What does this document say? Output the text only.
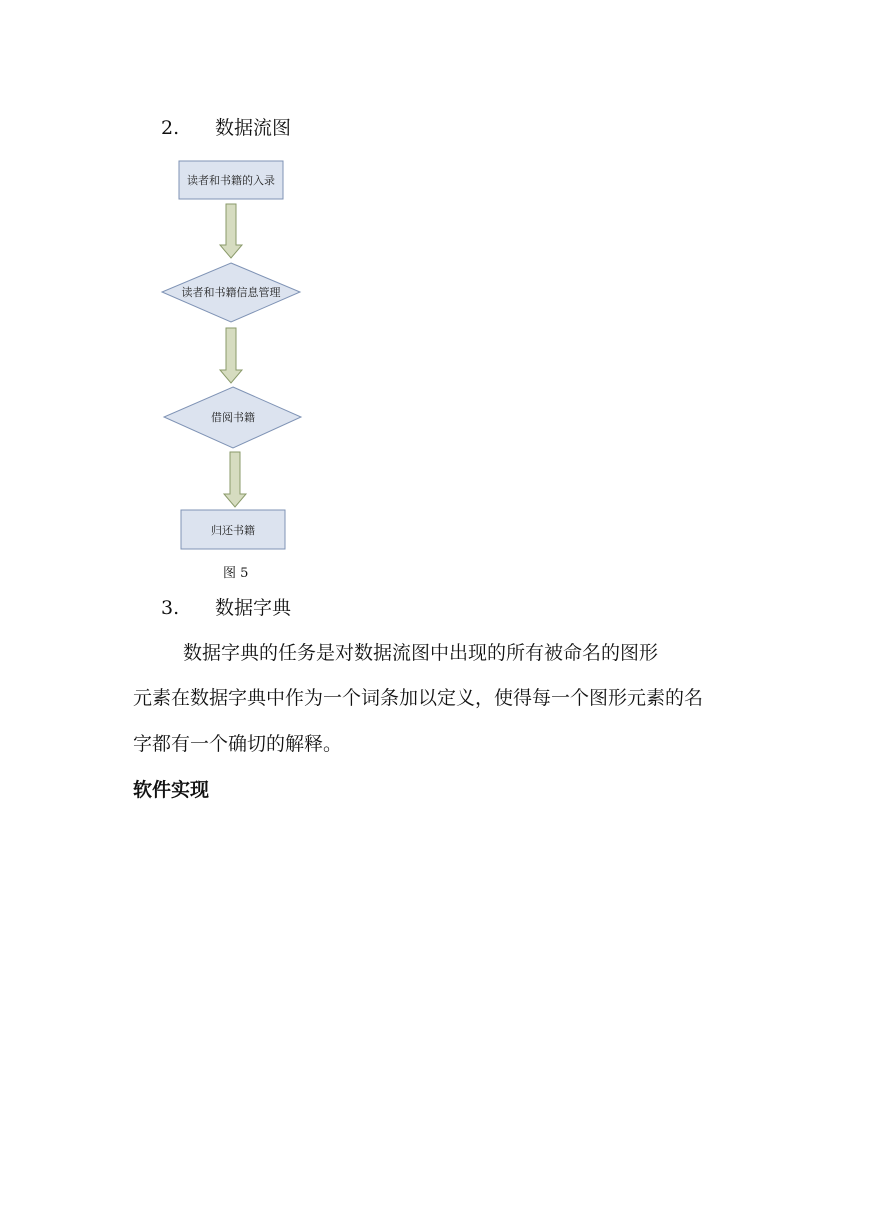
2. 数据流图
读者和书籍的入录
读者和书籍信息管理
借阅书籍
归还书籍
图 5
3. 数据字典
数据字典的任务是对数据流图中出现的所有被命名的图形
元素在数据字典中作为一个词条加以定义，使得每一个图形元素的名
字都有一个确切的解释。
软件实现
